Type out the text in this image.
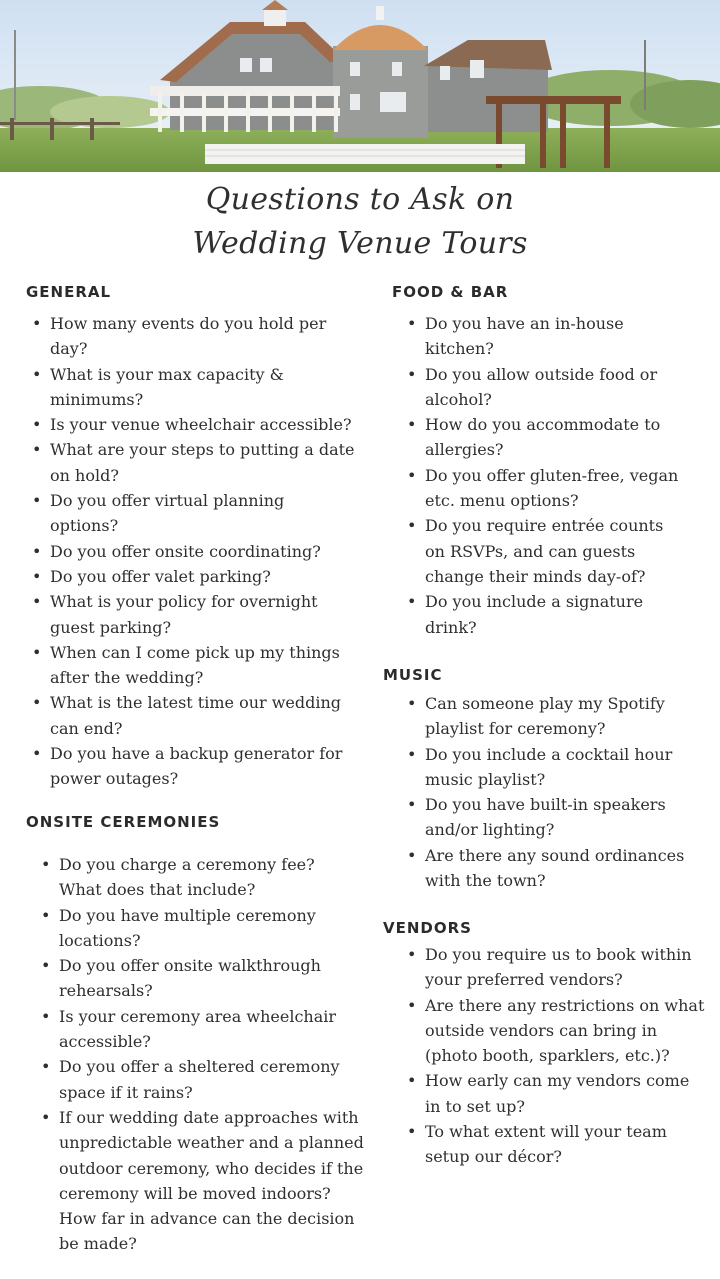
Questions to Ask on
Wedding Venue Tours
GENERAL
• How many events do you hold per day?
• What is your max capacity & minimums?
• Is your venue wheelchair accessible?
• What are your steps to putting a date on hold?
• Do you offer virtual planning options?
• Do you offer onsite coordinating?
• Do you offer valet parking?
• What is your policy for overnight guest parking?
• When can I come pick up my things after the wedding?
• What is the latest time our wedding can end?
• Do you have a backup generator for power outages?
ONSITE CEREMONIES
• Do you charge a ceremony fee? What does that include?
• Do you have multiple ceremony locations?
• Do you offer onsite walkthrough rehearsals?
• Is your ceremony area wheelchair accessible?
• Do you offer a sheltered ceremony space if it rains?
• If our wedding date approaches with unpredictable weather and a planned outdoor ceremony, who decides if the ceremony will be moved indoors? How far in advance can the decision be made?
FOOD & BAR
• Do you have an in-house kitchen?
• Do you allow outside food or alcohol?
• How do you accommodate to allergies?
• Do you offer gluten-free, vegan etc. menu options?
• Do you require entrée counts on RSVPs, and can guests change their minds day-of?
• Do you include a signature drink?
MUSIC
• Can someone play my Spotify playlist for ceremony?
• Do you include a cocktail hour music playlist?
• Do you have built-in speakers and/or lighting?
• Are there any sound ordinances with the town?
VENDORS
• Do you require us to book within your preferred vendors?
• Are there any restrictions on what outside vendors can bring in (photo booth, sparklers, etc.)?
• How early can my vendors come in to set up?
• To what extent will your team setup our décor?
